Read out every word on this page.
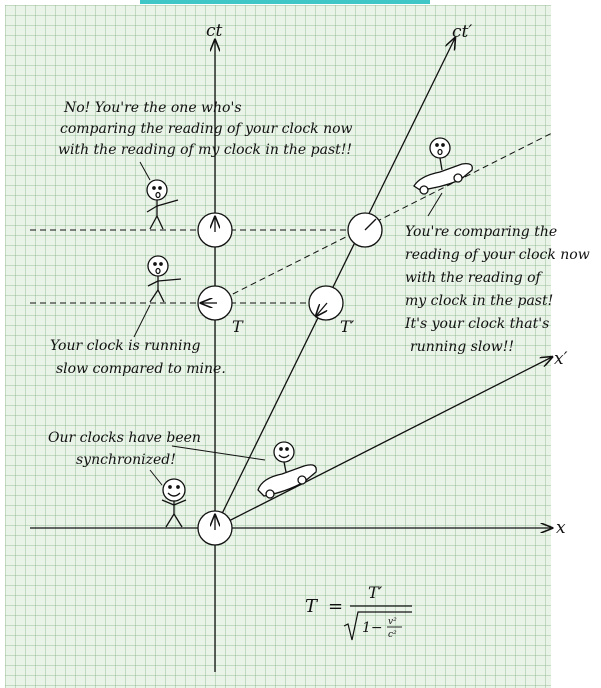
ct	ct′
x
x′
T	T′
No! You're the one who's
comparing the reading of your clock now
with the reading of my clock in the past!!
You're comparing the
reading of your clock now
with the reading of
my clock in the past!
It's your clock that's
running slow!!
Your clock is running
slow compared to mine.
Our clocks have been
synchronized!
T =
T′
1− v²
c²
